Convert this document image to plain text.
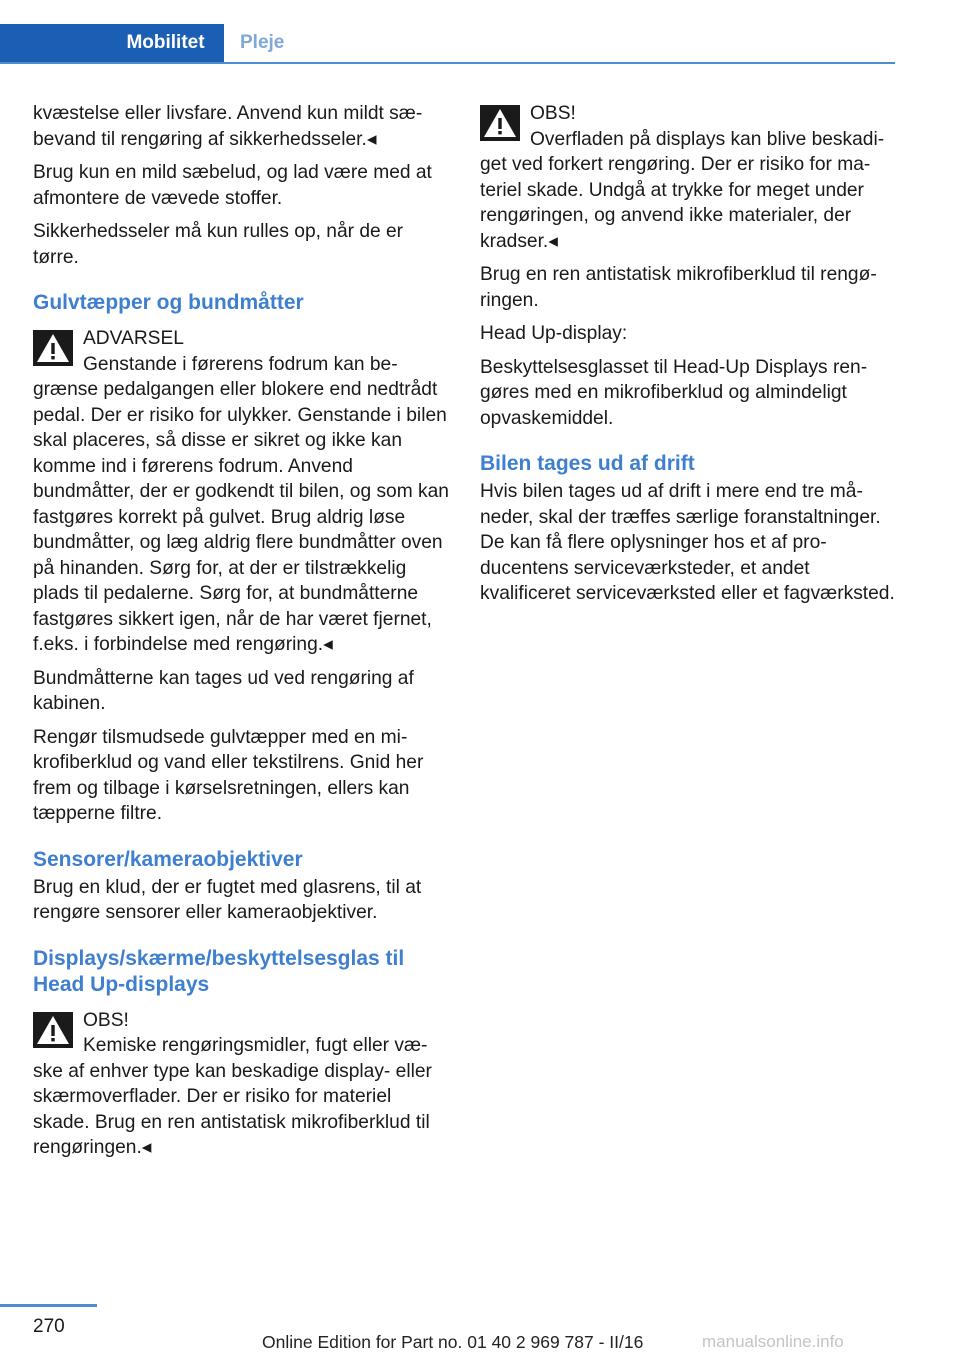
Mobilitet	Pleje

kvæstelse eller livsfare. Anvend kun mildt sæbevand til rengøring af sikkerhedsseler.◂

Brug kun en mild sæbelud, og lad være med at afmontere de vævede stoffer.

Sikkerhedsseler må kun rulles op, når de er tørre.

Gulvtæpper og bundmåtter
ADVARSEL
Genstande i førerens fodrum kan begrænse pedalgangen eller blokere end nedtrådt pedal. Der er risiko for ulykker. Genstande i bilen skal placeres, så disse er sikret og ikke kan komme ind i førerens fodrum. Anvend bundmåtter, der er godkendt til bilen, og som kan fastgøres korrekt på gulvet. Brug aldrig løse bundmåtter, og læg aldrig flere bundmåtter oven på hinanden. Sørg for, at der er tilstrækkelig plads til pedalerne. Sørg for, at bundmåtterne fastgøres sikkert igen, når de har været fjernet, f.eks. i forbindelse med rengøring.◂

Bundmåtterne kan tages ud ved rengøring af kabinen.

Rengør tilsmudsede gulvtæpper med en mikrofiberklud og vand eller tekstilrens. Gnid her frem og tilbage i kørselsretningen, ellers kan tæpperne filtre.

Sensorer/kameraobjektiver

Brug en klud, der er fugtet med glasrens, til at rengøre sensorer eller kameraobjektiver.

Displays/skærme/beskyttelsesglas til Head Up-displays
OBS!
Kemiske rengøringsmidler, fugt eller væske af enhver type kan beskadige display- eller skærmoverflader. Der er risiko for materiel skade. Brug en ren antistatisk mikrofiberklud til rengøringen.◂
OBS!
Overfladen på displays kan blive beskadiget ved forkert rengøring. Der er risiko for materiel skade. Undgå at trykke for meget under rengøringen, og anvend ikke materialer, der kradser.◂

Brug en ren antistatisk mikrofiberklud til rengøringen.

Head Up-display:

Beskyttelsesglasset til Head-Up Displays rengøres med en mikrofiberklud og almindeligt opvaskemiddel.

Bilen tages ud af drift

Hvis bilen tages ud af drift i mere end tre måneder, skal der træffes særlige foranstaltninger. De kan få flere oplysninger hos et af producentens serviceværksteder, et andet kvalificeret serviceværksted eller et fagværksted.

270
Online Edition for Part no. 01 40 2 969 787 - II/16	manualsonline.info
